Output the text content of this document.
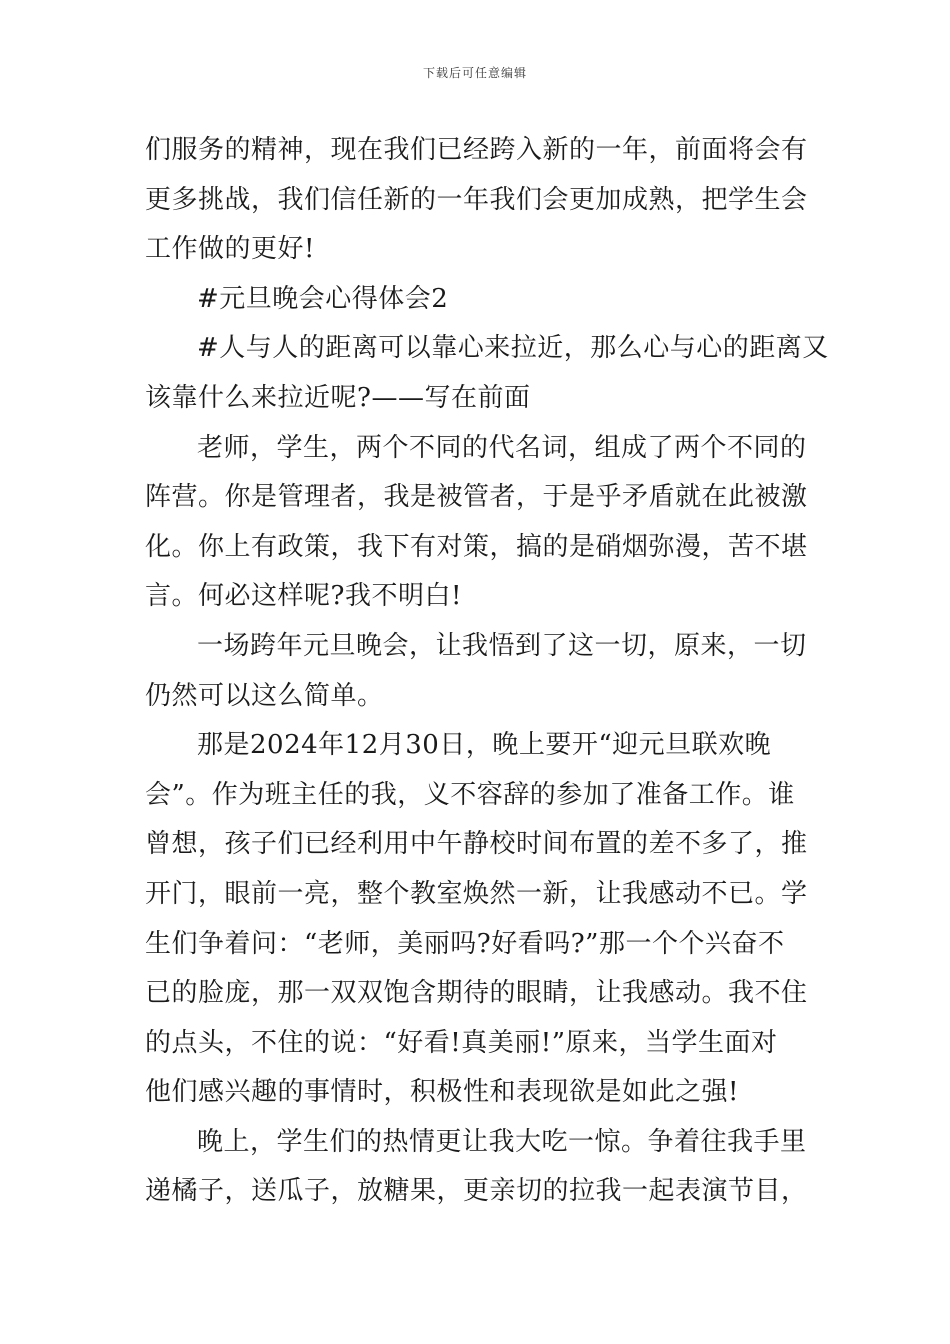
下载后可任意编辑
们服务的精神，现在我们已经跨入新的一年，前面将会有
更多挑战，我们信任新的一年我们会更加成熟，把学生会
工作做的更好!
#元旦晚会心得体会2
#人与人的距离可以靠心来拉近，那么心与心的距离又
该靠什么来拉近呢?——写在前面
老师，学生，两个不同的代名词，组成了两个不同的
阵营。你是管理者，我是被管者，于是乎矛盾就在此被激
化。你上有政策，我下有对策，搞的是硝烟弥漫，苦不堪
言。何必这样呢?我不明白!
一场跨年元旦晚会，让我悟到了这一切，原来，一切
仍然可以这么简单。
那是2024年12月30日，晚上要开“迎元旦联欢晚
会”。作为班主任的我，义不容辞的参加了准备工作。谁
曾想，孩子们已经利用中午静校时间布置的差不多了，推
开门，眼前一亮，整个教室焕然一新，让我感动不已。学
生们争着问：“老师，美丽吗?好看吗?”那一个个兴奋不
已的脸庞，那一双双饱含期待的眼睛，让我感动。我不住
的点头，不住的说：“好看!真美丽!”原来，当学生面对
他们感兴趣的事情时，积极性和表现欲是如此之强!
晚上，学生们的热情更让我大吃一惊。争着往我手里
递橘子，送瓜子，放糖果，更亲切的拉我一起表演节目，
